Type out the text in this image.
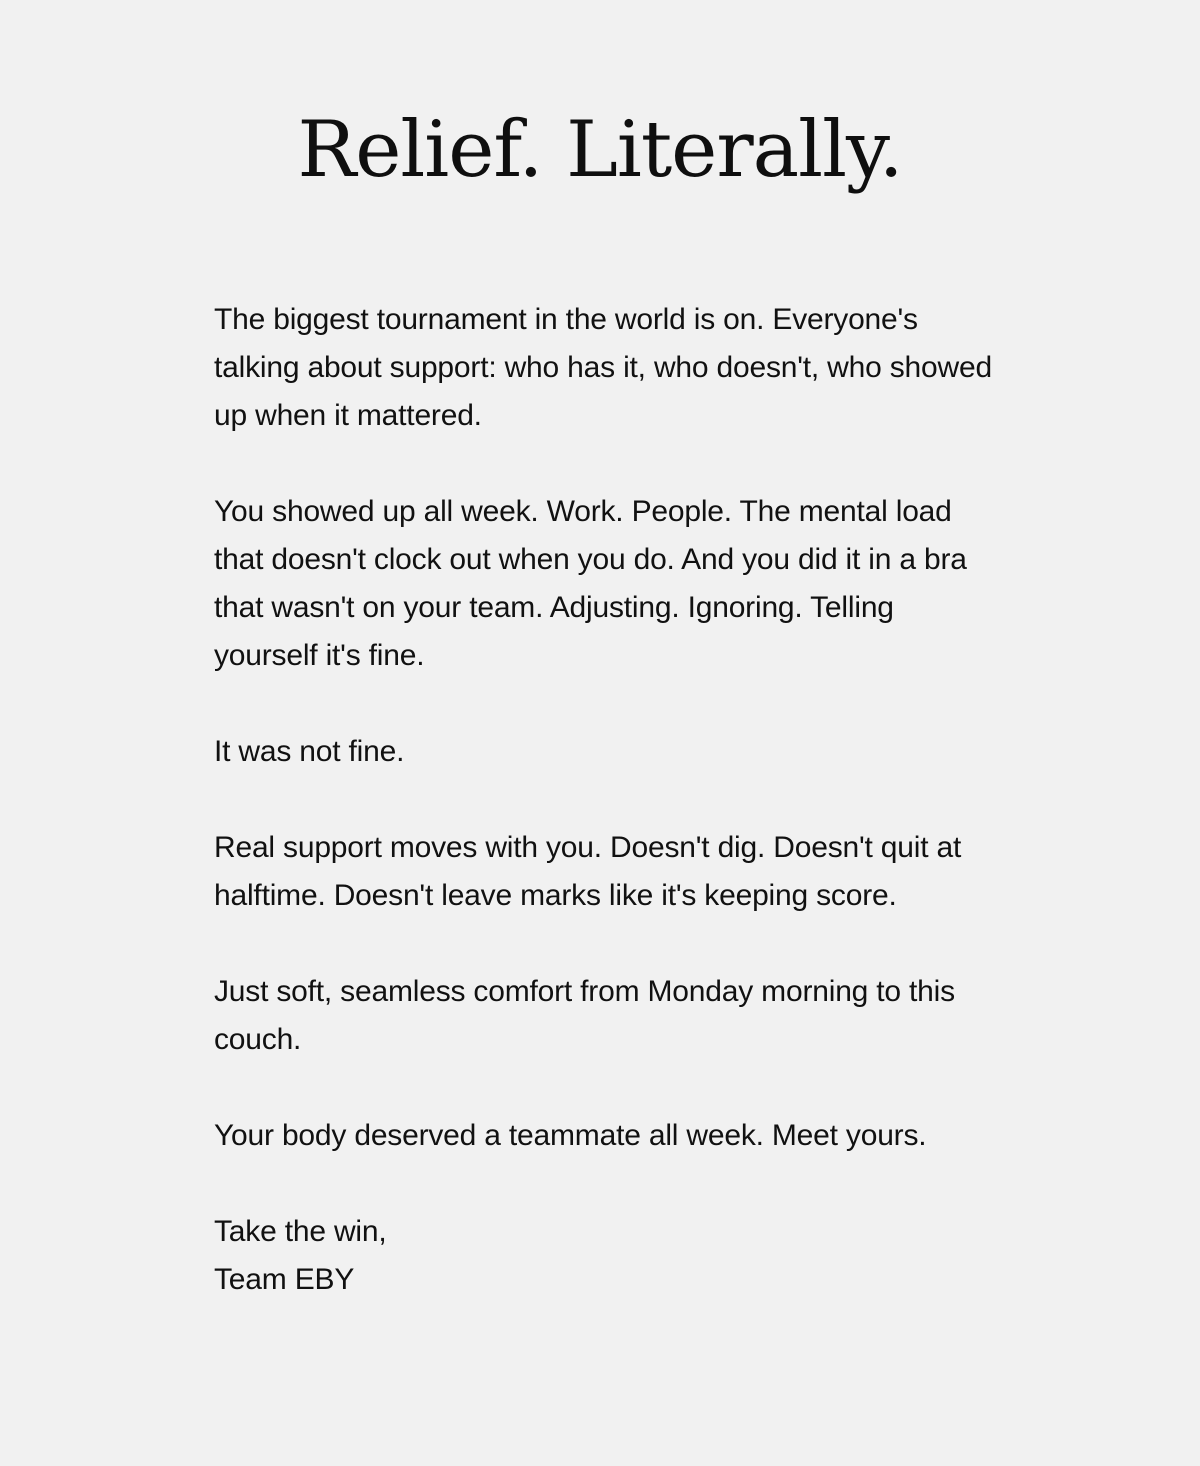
Relief. Literally.

The biggest tournament in the world is on. Everyone's talking about support: who has it, who doesn't, who showed up when it mattered.

You showed up all week. Work. People. The mental load that doesn't clock out when you do. And you did it in a bra that wasn't on your team. Adjusting. Ignoring. Telling yourself it's fine.

It was not fine.

Real support moves with you. Doesn't dig. Doesn't quit at halftime. Doesn't leave marks like it's keeping score.

Just soft, seamless comfort from Monday morning to this couch.

Your body deserved a teammate all week. Meet yours.

Take the win,
Team EBY
